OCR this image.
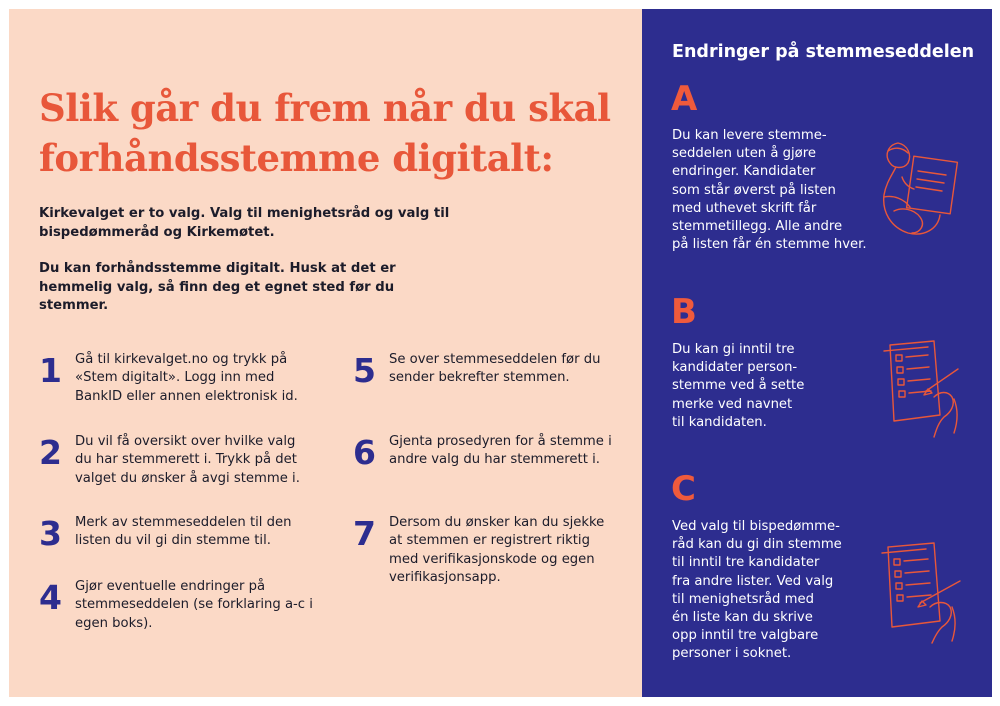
Slik går du frem når du skal
forhåndsstemme digitalt:

Kirkevalget er to valg. Valg til menighetsråd og valg til bispedømmeråd og Kirkemøtet.

Du kan forhåndsstemme digitalt. Husk at det er hemmelig valg, så finn deg et egnet sted før du stemmer.

1 Gå til kirkevalget.no og trykk på «Stem digitalt». Logg inn med BankID eller annen elektronisk id.

2 Du vil få oversikt over hvilke valg du har stemmerett i. Trykk på det valget du ønsker å avgi stemme i.

3 Merk av stemmeseddelen til den listen du vil gi din stemme til.

4 Gjør eventuelle endringer på stemmeseddelen (se forklaring a-c i egen boks).

5 Se over stemmeseddelen før du sender bekrefter stemmen.

6 Gjenta prosedyren for å stemme i andre valg du har stemmerett i.

7 Dersom du ønsker kan du sjekke at stemmen er registrert riktig med verifikasjonskode og egen verifikasjonsapp.

Endringer på stemmeseddelen
A

Du kan levere stemme-
seddelen uten å gjøre
endringer. Kandidater
som står øverst på listen
med uthevet skrift får
stemmetillegg. Alle andre
på listen får én stemme hver.

B

Du kan gi inntil tre
kandidater person-
stemme ved å sette
merke ved navnet
til kandidaten.

C

Ved valg til bispedømme-
råd kan du gi din stemme
til inntil tre kandidater
fra andre lister. Ved valg
til menighetsråd med
én liste kan du skrive
opp inntil tre valgbare
personer i soknet.
